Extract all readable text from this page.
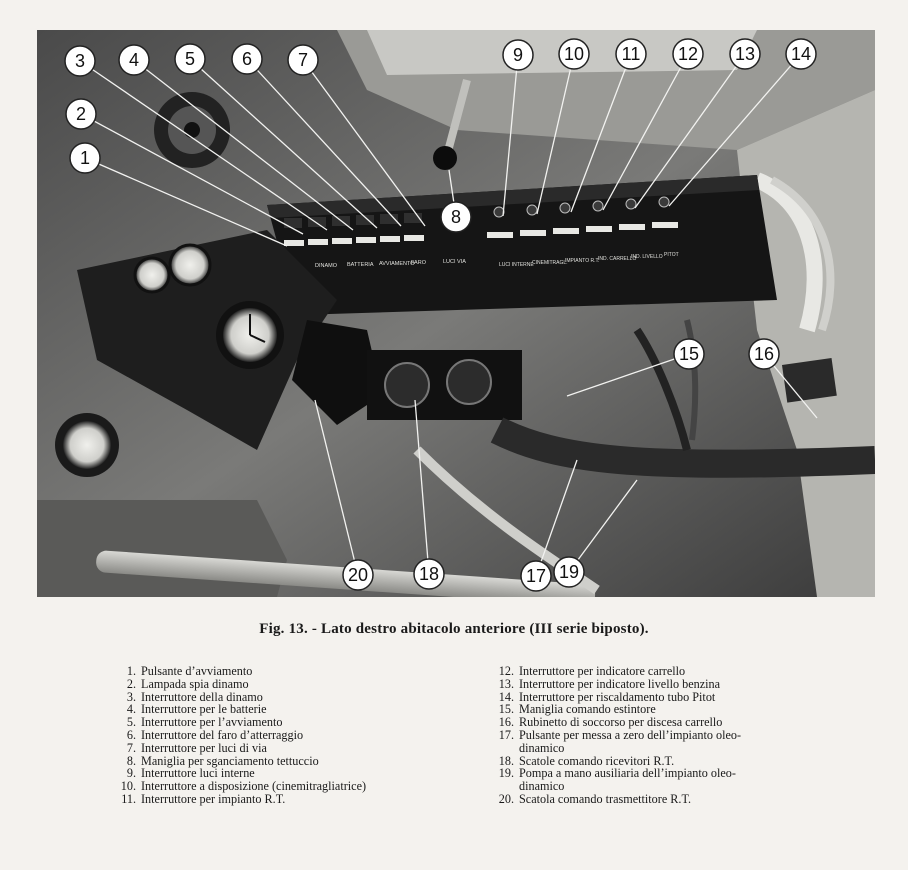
DINAMO BATTERIA AVVIAMENTO
FARO	LUCI VIA	LUCI INTERNE
CINEMITRAGL.
IMPIANTO R.T.
IND. CARRELLO
IND. LIVELLO PITOT
1
2
3 4	5	6	7
8
9 10 11 12 13 14
15	16
17
18	19
20
Fig. 13. - Lato destro abitacolo anteriore (III serie biposto).
1. Pulsante d’avviamento
2. Lampada spia dinamo
3. Interruttore della dinamo
4. Interruttore per le batterie
5. Interruttore per l’avviamento
6. Interruttore del faro d’atterraggio
7. Interruttore per luci di via
8. Maniglia per sganciamento tettuccio
9. Interruttore luci interne
10. Interruttore a disposizione (cinemitragliatrice)
11. Interruttore per impianto R.T.
12. Interruttore per indicatore carrello
13. Interruttore per indicatore livello benzina
14. Interruttore per riscaldamento tubo Pitot
15. Maniglia comando estintore
16. Rubinetto di soccorso per discesa carrello
17. Pulsante per messa a zero dell’impianto oleo-
dinamico
18. Scatole comando ricevitori R.T.
19. Pompa a mano ausiliaria dell’impianto oleo-
dinamico
20. Scatola comando trasmettitore R.T.
